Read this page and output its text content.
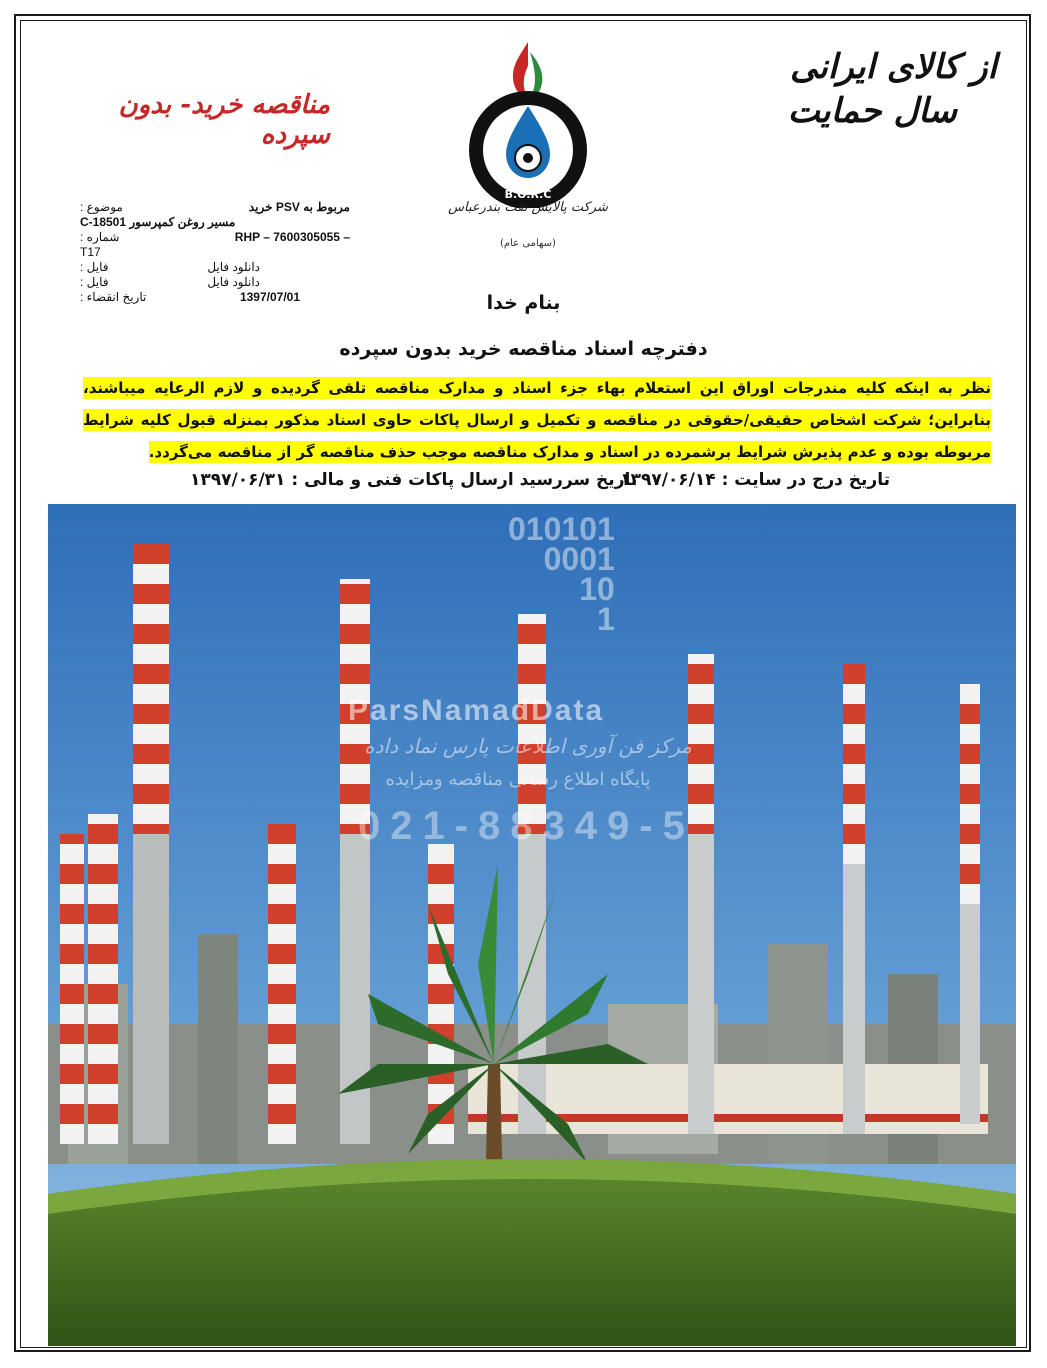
از کالای ایرانی
سال حمایت
B.O.R.C
شرکت پالایش نفت بندرعباس
(سهامی عام)
مناقصه خرید- بدون سپرده
موضوع :	مربوط به PSV خرید
C-18501 مسیر روغن کمپرسور
شماره :	RHP – 7600305055 –
T17
فایل :	دانلود فایل
فایل :	دانلود فایل
تاریخ انقضاء :	1397/07/01	بنام خدا
دفترچه اسناد مناقصه خرید بدون سپرده
نظر به اینکه کلیه مندرجات اوراق این استعلام بهاء جزء اسناد و مدارک مناقصه تلقی گردیده و لازم الرعایه میباشند، بنابراین؛ شرکت اشخاص حقیقی/حقوقی در مناقصه و تکمیل و ارسال پاکات حاوی اسناد مذکور بمنزله قبول کلیه شرایط مربوطه بوده و عدم پذیرش شرایط برشمرده در اسناد و مدارک مناقصه موجب حذف مناقصه گر از مناقصه می‌گردد.
تاریخ درج در سایت : ۱۳۹۷/۰۶/۱۴
تاریخ سررسید ارسال پاکات فنی و مالی : ۱۳۹۷/۰۶/۳۱
010101
0001
10
1
ParsNamadData
مرکز فن آوری اطلاعات پارس نماد داده
پایگاه اطلاع رسانی مناقصه ومزایده
021-88349-5
